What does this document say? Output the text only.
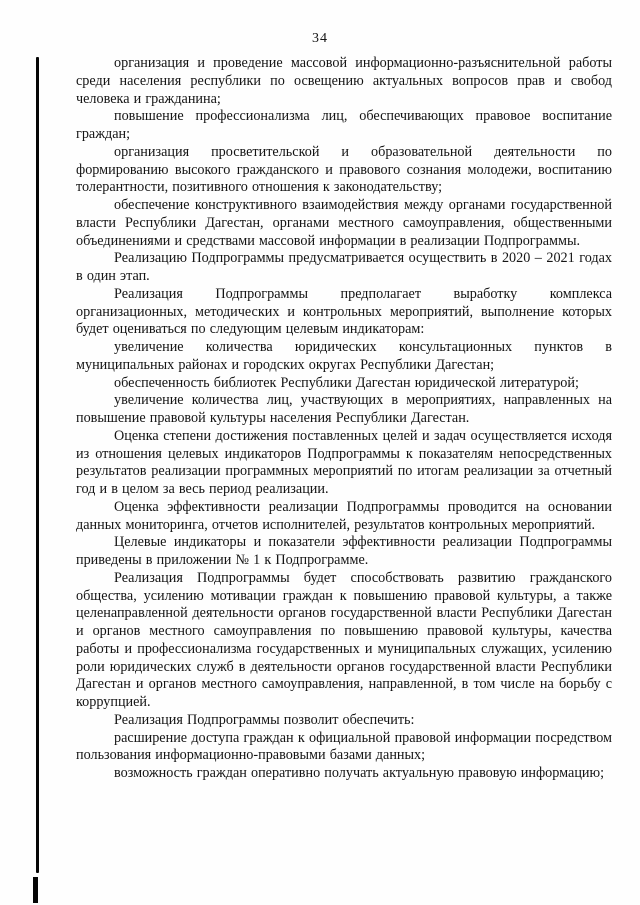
34

организация и проведение массовой информационно-разъяснительной работы среди населения республики по освещению актуальных вопросов прав и свобод человека и гражданина;

повышение профессионализма лиц, обеспечивающих правовое воспитание граждан;

организация просветительской и образовательной деятельности по формированию высокого гражданского и правового сознания молодежи, воспитанию толерантности, позитивного отношения к законодательству;

обеспечение конструктивного взаимодействия между органами государственной власти Республики Дагестан, органами местного самоуправления, общественными объединениями и средствами массовой информации в реализации Подпрограммы.

Реализацию Подпрограммы предусматривается осуществить в 2020 – 2021 годах в один этап.

Реализация Подпрограммы предполагает выработку комплекса организационных, методических и контрольных мероприятий, выполнение которых будет оцениваться по следующим целевым индикаторам:

увеличение количества юридических консультационных пунктов в муниципальных районах и городских округах Республики Дагестан;

обеспеченность библиотек Республики Дагестан юридической литературой;

увеличение количества лиц, участвующих в мероприятиях, направленных на повышение правовой культуры населения Республики Дагестан.

Оценка степени достижения поставленных целей и задач осуществляется исходя из отношения целевых индикаторов Подпрограммы к показателям непосредственных результатов реализации программных мероприятий по итогам реализации за отчетный год и в целом за весь период реализации.

Оценка эффективности реализации Подпрограммы проводится на основании данных мониторинга, отчетов исполнителей, результатов контрольных мероприятий.

Целевые индикаторы и показатели эффективности реализации Подпрограммы приведены в приложении № 1 к Подпрограмме.

Реализация Подпрограммы будет способствовать развитию гражданского общества, усилению мотивации граждан к повышению правовой культуры, а также целенаправленной деятельности органов государственной власти Республики Дагестан и органов местного самоуправления по повышению правовой культуры, качества работы и профессионализма государственных и муниципальных служащих, усилению роли юридических служб в деятельности органов государственной власти Республики Дагестан и органов местного самоуправления, направленной, в том числе на борьбу с коррупцией.

Реализация Подпрограммы позволит обеспечить:

расширение доступа граждан к официальной правовой информации посредством пользования информационно-правовыми базами данных;

возможность граждан оперативно получать актуальную правовую информацию;
